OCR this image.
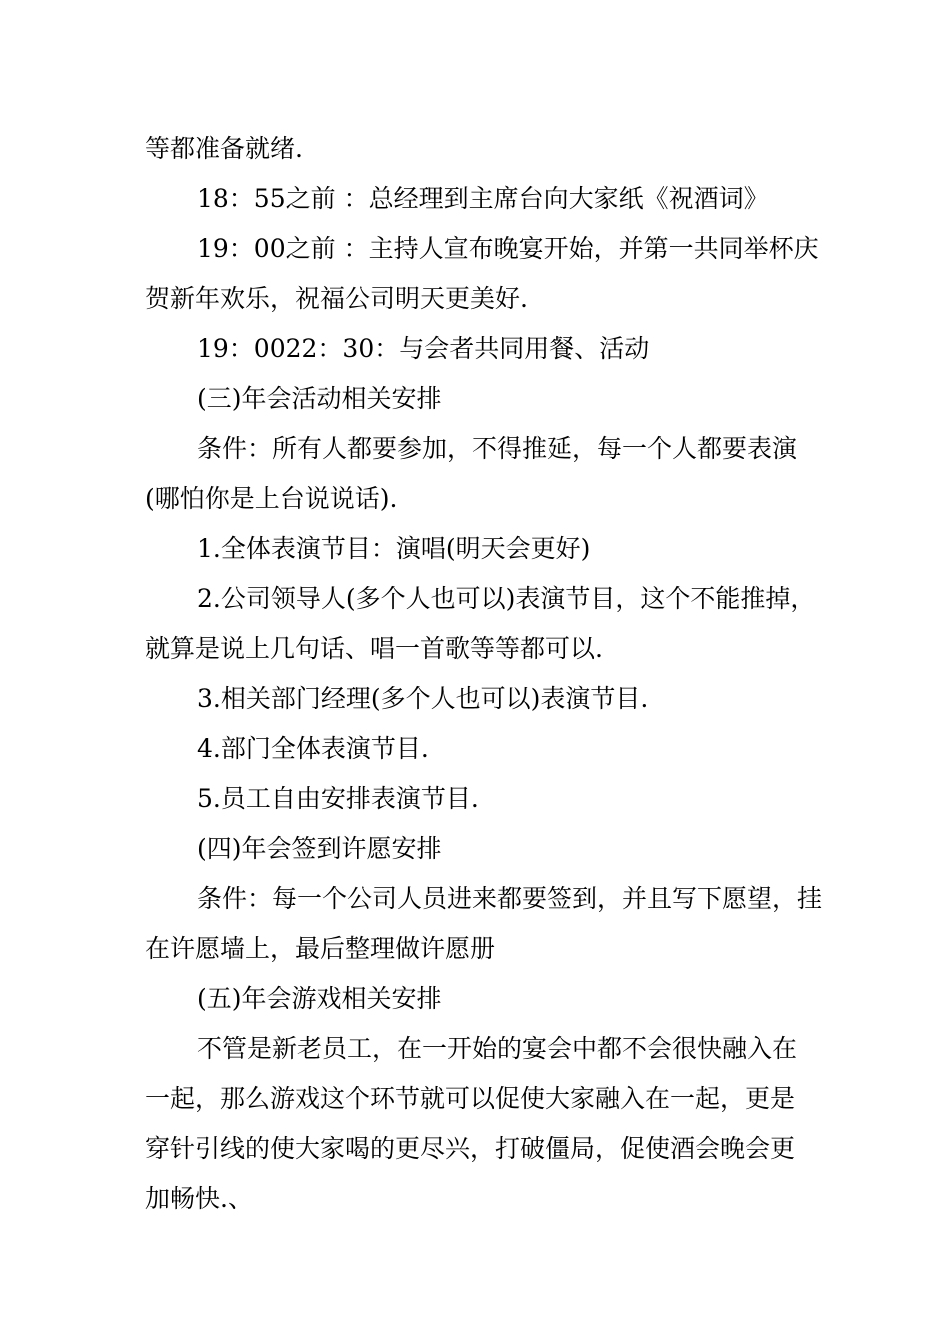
等都准备就绪.
18：55之前 ：总经理到主席台向大家纸《祝酒词》
19：00之前 ：主持人宣布晚宴开始，并第一共同举杯庆
贺新年欢乐，祝福公司明天更美好.
19：0022：30：与会者共同用餐、活动
(三)年会活动相关安排
条件：所有人都要参加，不得推延，每一个人都要表演
(哪怕你是上台说说话).
1.全体表演节目：演唱(明天会更好)
2.公司领导人(多个人也可以)表演节目，这个不能推掉，
就算是说上几句话、唱一首歌等等都可以.
3.相关部门经理(多个人也可以)表演节目.
4.部门全体表演节目.
5.员工自由安排表演节目.
(四)年会签到许愿安排
条件：每一个公司人员进来都要签到，并且写下愿望，挂
在许愿墙上，最后整理做许愿册
(五)年会游戏相关安排
不管是新老员工，在一开始的宴会中都不会很快融入在
一起，那么游戏这个环节就可以促使大家融入在一起，更是
穿针引线的使大家喝的更尽兴，打破僵局，促使酒会晚会更
加畅快.、
